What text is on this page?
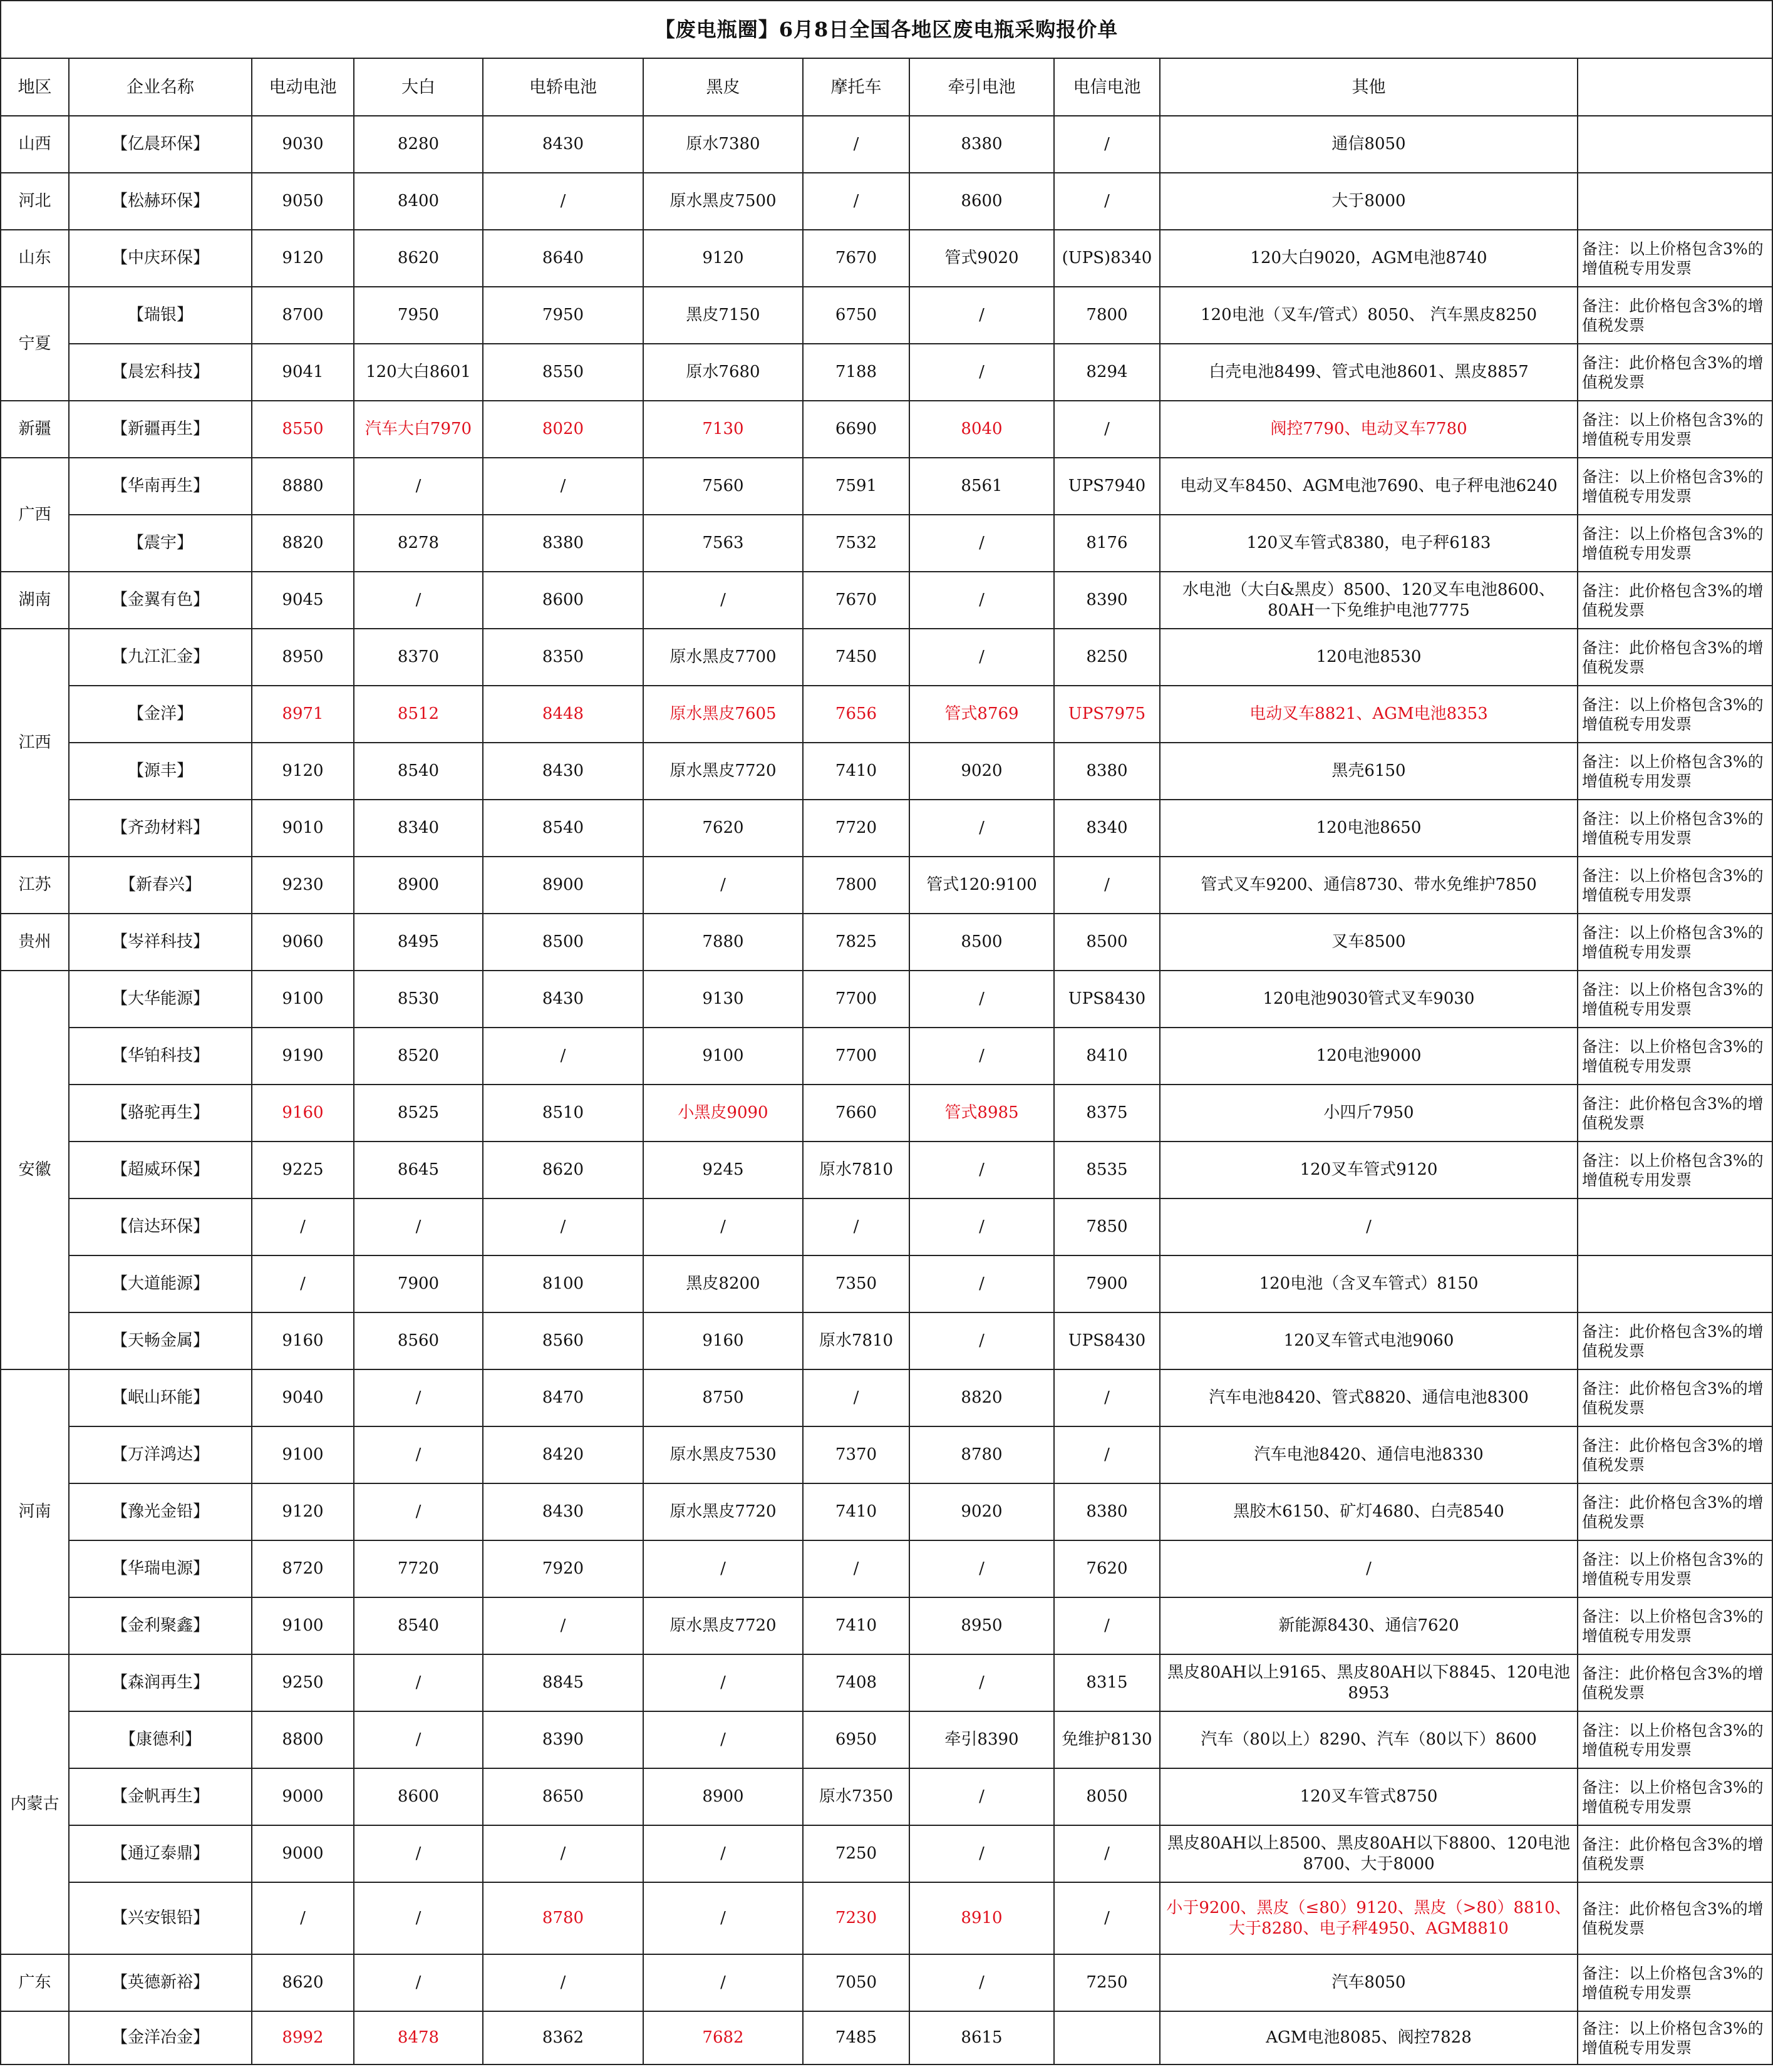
【废电瓶圈】6月8日全国各地区废电瓶采购报价单										
地区	企业名称	电动电池	大白	电轿电池	黑皮	摩托车	牵引电池	电信电池	其他	
山西	【亿晨环保】	9030	8280	8430	原水7380	/	8380	/	通信8050	
河北	【松赫环保】	9050	8400	/	原水黑皮7500	/	8600	/	大于8000	
山东	【中庆环保】	9120	8620	8640	9120	7670	管式9020	(UPS)8340	120大白9020，AGM电池8740	备注：以上价格包含3%的增值税专用发票
宁夏	【瑞银】	8700	7950	7950	黑皮7150	6750	/	7800	120电池（叉车/管式）8050、 汽车黑皮8250	备注：此价格包含3%的增值税发票
	【晨宏科技】	9041	120大白8601	8550	原水7680	7188	/	8294	白壳电池8499、管式电池8601、黑皮8857	备注：此价格包含3%的增值税发票
新疆	【新疆再生】	8550	汽车大白7970	8020	7130	6690	8040	/	阀控7790、电动叉车7780	备注：以上价格包含3%的增值税专用发票
广西	【华南再生】	8880	/	/	7560	7591	8561	UPS7940	电动叉车8450、AGM电池7690、电子秤电池6240	备注：以上价格包含3%的增值税专用发票
	【震宇】	8820	8278	8380	7563	7532	/	8176	120叉车管式8380，电子秤6183	备注：以上价格包含3%的增值税专用发票
湖南	【金翼有色】	9045	/	8600	/	7670	/	8390	水电池（大白&黑皮）8500、120叉车电池8600、80AH一下免维护电池7775	备注：此价格包含3%的增值税发票
江西	【九江汇金】	8950	8370	8350	原水黑皮7700	7450	/	8250	120电池8530	备注：此价格包含3%的增值税发票
	【金洋】	8971	8512	8448	原水黑皮7605	7656	管式8769	UPS7975	电动叉车8821、AGM电池8353	备注：以上价格包含3%的增值税专用发票
	【源丰】	9120	8540	8430	原水黑皮7720	7410	9020	8380	黑壳6150	备注：以上价格包含3%的增值税专用发票
	【齐劲材料】	9010	8340	8540	7620	7720	/	8340	120电池8650	备注：以上价格包含3%的增值税专用发票
江苏	【新春兴】	9230	8900	8900	/	7800	管式120:9100	/	管式叉车9200、通信8730、带水免维护7850	备注：以上价格包含3%的增值税专用发票
贵州	【岑祥科技】	9060	8495	8500	7880	7825	8500	8500	叉车8500	备注：以上价格包含3%的增值税专用发票
安徽	【大华能源】	9100	8530	8430	9130	7700	/	UPS8430	120电池9030管式叉车9030	备注：以上价格包含3%的增值税专用发票
	【华铂科技】	9190	8520	/	9100	7700	/	8410	120电池9000	备注：以上价格包含3%的增值税专用发票
	【骆驼再生】	9160	8525	8510	小黑皮9090	7660	管式8985	8375	小四斤7950	备注：此价格包含3%的增值税发票
	【超威环保】	9225	8645	8620	9245	原水7810	/	8535	120叉车管式9120	备注：以上价格包含3%的增值税专用发票
	【信达环保】	/	/	/	/	/	/	7850	/	
	【大道能源】	/	7900	8100	黑皮8200	7350	/	7900	120电池（含叉车管式）8150	
	【天畅金属】	9160	8560	8560	9160	原水7810	/	UPS8430	120叉车管式电池9060	备注：此价格包含3%的增值税发票
河南	【岷山环能】	9040	/	8470	8750	/	8820	/	汽车电池8420、管式8820、通信电池8300	备注：此价格包含3%的增值税发票
	【万洋鸿达】	9100	/	8420	原水黑皮7530	7370	8780	/	汽车电池8420、通信电池8330	备注：此价格包含3%的增值税发票
	【豫光金铅】	9120	/	8430	原水黑皮7720	7410	9020	8380	黑胶木6150、矿灯4680、白壳8540	备注：此价格包含3%的增值税发票
	【华瑞电源】	8720	7720	7920	/	/	/	7620	/	备注：以上价格包含3%的增值税专用发票
	【金利聚鑫】	9100	8540	/	原水黑皮7720	7410	8950	/	新能源8430、通信7620	备注：以上价格包含3%的增值税专用发票
内蒙古	【森润再生】	9250	/	8845	/	7408	/	8315	黑皮80AH以上9165、黑皮80AH以下8845、120电池8953	备注：此价格包含3%的增值税发票
	【康德利】	8800	/	8390	/	6950	牵引8390	免维护8130	汽车（80以上）8290、汽车（80以下）8600	备注：以上价格包含3%的增值税专用发票
	【金帆再生】	9000	8600	8650	8900	原水7350	/	8050	120叉车管式8750	备注：以上价格包含3%的增值税专用发票
	【通辽泰鼎】	9000	/	/	/	7250	/	/	黑皮80AH以上8500、黑皮80AH以下8800、120电池8700、大于8000	备注：此价格包含3%的增值税发票
	【兴安银铅】	/	/	8780	/	7230	8910	/	小于9200、黑皮（≤80）9120、黑皮（>80）8810、大于8280、电子秤4950、AGM8810	备注：此价格包含3%的增值税发票
广东	【英德新裕】	8620	/	/	/	7050	/	7250	汽车8050	备注：以上价格包含3%的增值税专用发票
	【金洋冶金】	8992	8478	8362	7682	7485	8615		AGM电池8085、阀控7828	备注：以上价格包含3%的增值税专用发票
